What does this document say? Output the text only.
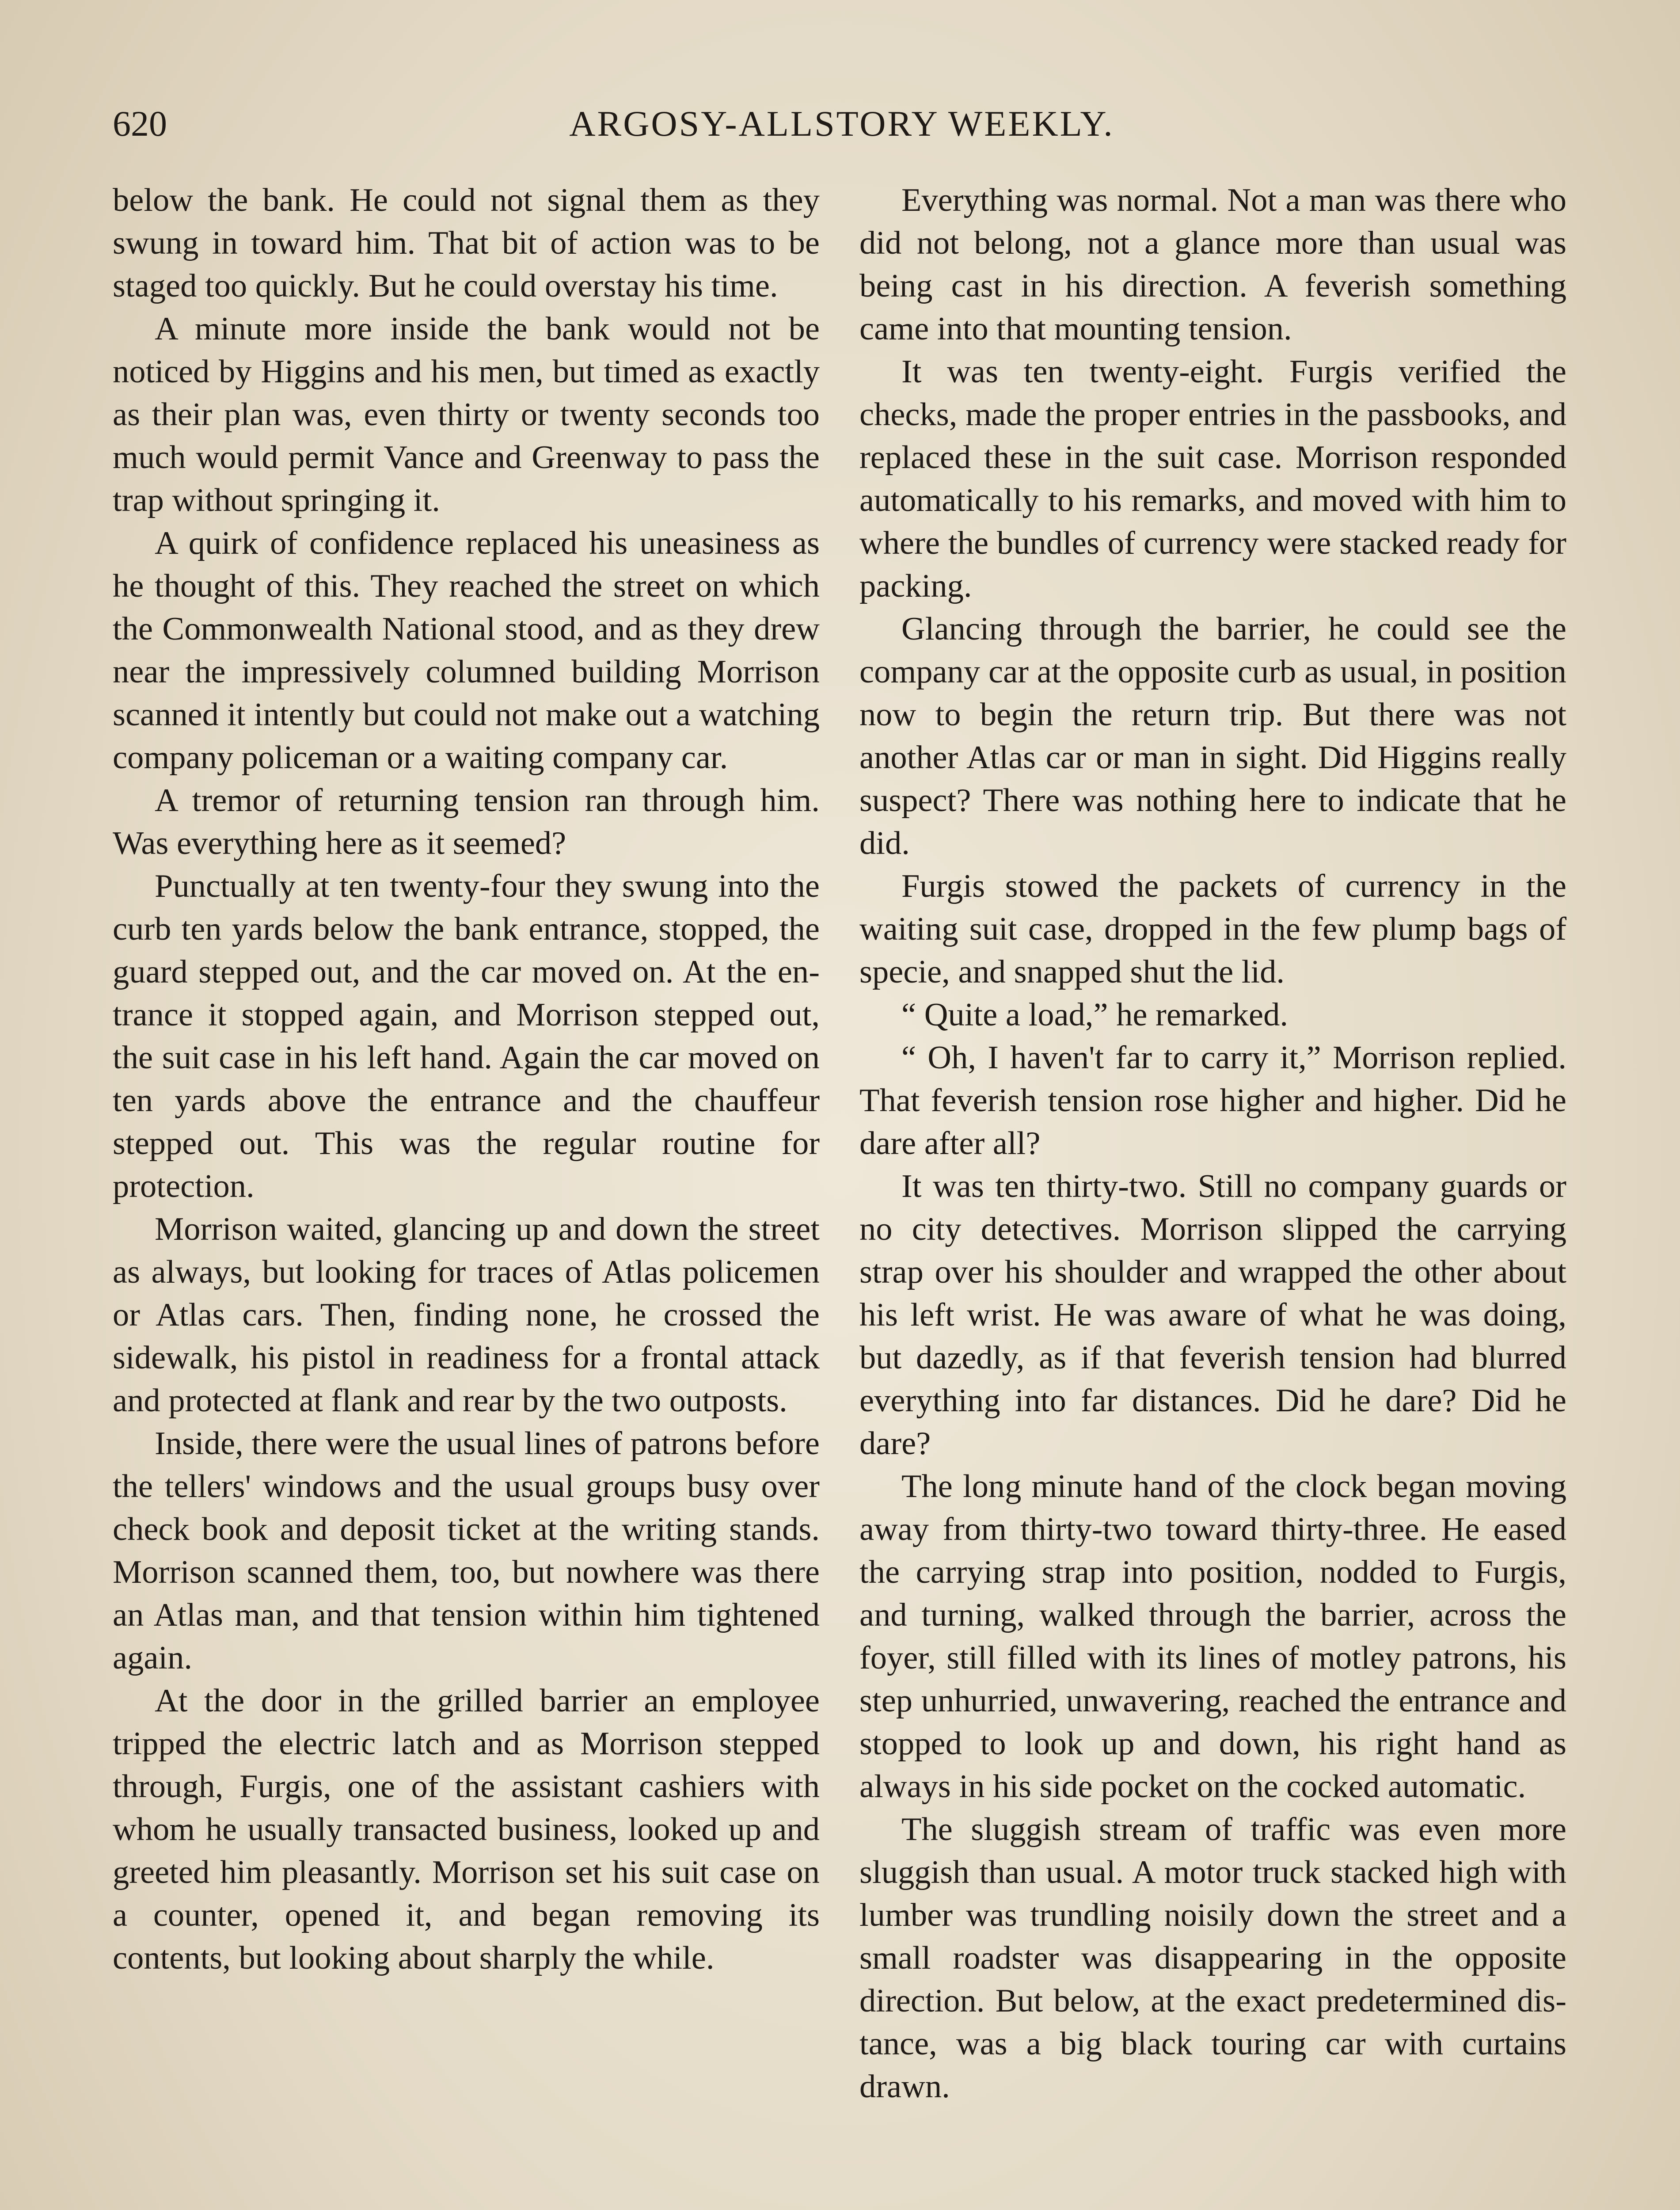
620	ARGOSY-ALLSTORY WEEKLY.

below the bank. He could not signal them as they swung in toward him. That bit of action was to be staged too quickly. But he could overstay his time.

A minute more inside the bank would not be noticed by Higgins and his men, but timed as exactly as their plan was, even thirty or twenty seconds too much would permit Vance and Greenway to pass the trap without springing it.

A quirk of confidence replaced his uneasiness as he thought of this. They reached the street on which the Commonwealth National stood, and as they drew near the impressively columned building Morrison scanned it intently but could not make out a watching company policeman or a waiting company car.

A tremor of returning tension ran through him. Was everything here as it seemed?

Punctually at ten twenty-four they swung into the curb ten yards below the bank entrance, stopped, the guard stepped out, and the car moved on. At the entrance it stopped again, and Morrison stepped out, the suit case in his left hand. Again the car moved on ten yards above the entrance and the chauffeur stepped out. This was the regular routine for protection.

Morrison waited, glancing up and down the street as always, but looking for traces of Atlas policemen or Atlas cars. Then, finding none, he crossed the sidewalk, his pistol in readiness for a frontal attack and protected at flank and rear by the two outposts.

Inside, there were the usual lines of patrons before the tellers' windows and the usual groups busy over check book and deposit ticket at the writing stands. Morrison scanned them, too, but nowhere was there an Atlas man, and that tension within him tightened again.

At the door in the grilled barrier an employee tripped the electric latch and as Morrison stepped through, Furgis, one of the assistant cashiers with whom he usually transacted business, looked up and greeted him pleasantly. Morrison set his suit case on a counter, opened it, and began removing its contents, but looking about sharply the while.

Everything was normal. Not a man was there who did not belong, not a glance more than usual was being cast in his direction. A feverish something came into that mounting tension.

It was ten twenty-eight. Furgis verified the checks, made the proper entries in the passbooks, and replaced these in the suit case. Morrison responded automatically to his remarks, and moved with him to where the bundles of currency were stacked ready for packing.

Glancing through the barrier, he could see the company car at the opposite curb as usual, in position now to begin the return trip. But there was not another Atlas car or man in sight. Did Higgins really suspect? There was nothing here to indicate that he did.

Furgis stowed the packets of currency in the waiting suit case, dropped in the few plump bags of specie, and snapped shut the lid.

“ Quite a load,” he remarked.

“ Oh, I haven't far to carry it,” Morrison replied. That feverish tension rose higher and higher. Did he dare after all?

It was ten thirty-two. Still no company guards or no city detectives. Morrison slipped the carrying strap over his shoulder and wrapped the other about his left wrist. He was aware of what he was doing, but dazedly, as if that feverish tension had blurred everything into far distances. Did he dare? Did he dare?

The long minute hand of the clock began moving away from thirty-two toward thirty-three. He eased the carrying strap into position, nodded to Furgis, and turning, walked through the barrier, across the foyer, still filled with its lines of motley patrons, his step unhurried, unwavering, reached the entrance and stopped to look up and down, his right hand as always in his side pocket on the cocked automatic.

The sluggish stream of traffic was even more sluggish than usual. A motor truck stacked high with lumber was trundling noisily down the street and a small roadster was disappearing in the opposite direction. But below, at the exact predetermined distance, was a big black touring car with curtains drawn.
